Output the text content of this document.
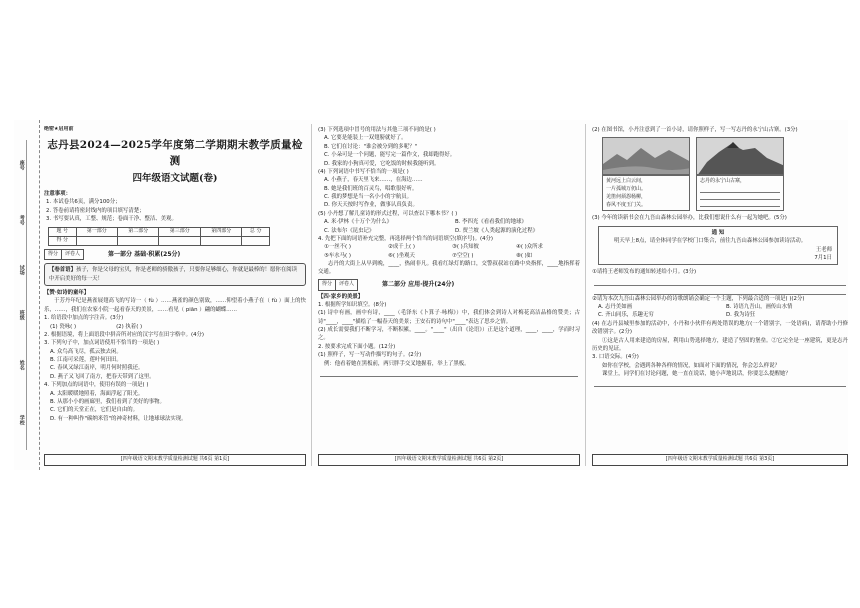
座号
考号
试场
班级
姓名
学校
绝密★启用前
志丹县2024—2025学年度第二学期期末教学质量检测
四年级语文试题(卷)
注意事项：

1. 本试卷共6页，满分100分；

2. 答卷前请将密封线内的项目填写清楚；

3. 书写要认真，工整、规范；卷面干净、整洁、美观。

题 号	第一部分	第二部分	第三部分	第四部分	总 分
得 分					
得分	评卷人	第一部分 基础·积累(25分)
【卷首语】孩子，你是父母的宝贝，你是老师的骄傲孩子，只要你足够细心，你就是最棒的！愿你在阅读中开启美好的每一天！
【赞·如诗的童年】

于芳丹年纪是燕雀展翅高飞的写诗一（ fù ）……燕雀的颜色别致，……仰望着小燕子在（ fù ）面上的快乐，……，我们在农家小院一起看春天的美景，……看见（ piān ）翩的蝴蝶……

1. 给语段中加点的字注音。(3分)

(1) 瓷咏( )	(2) 执着( )

2. 根据语境，将上面语段中拼音所对应的汉字写在田字格中。(4分)

3. 下列句子中，加点词语使用不恰当的一项是( )

A. 众鸟高飞尽，孤云独去闲。

B. 江南可采莲，莲叶何田田。

C. 春风又绿江南岸，明月何时照我还。

D. 燕子又飞回了南方，把春天带到了这里。

4. 下列加点的词语中，使用有误的一项是( )

A. 太阳暖暖地照着，海面浮起了阳光。

B. 从那小小的画廊里，我们看到了美好的事物。

C. 它们的天堂正在，它们是自由的。

D. 有一种叫作"碳纳米管"的神奇材料，让地球球法实现。

[四年级语文期末教学质量检测试题 共6页 第1页]

(3) 下列选项中冒号的用法与其他三项不同的是( )

A. 它要是能装上一双翅膀就好了。

B. 它们在讨论："谁会被分到的多呢？"

C. 小朵可是一个问题，能写完一篇作文，我却跑得好。

D. 我家的小狗真可爱，它吃饭的时候我能听到。

(4) 下列词语中书写不恰当的一项是( )

A. 小燕子，春天里飞来……，在海边……

B. 她是我们班的百灵鸟，唱歌很好听。

C. 我的梦想是当一名小小的宇航员。

D. 你天天按时写作业，做事认真负责。

(5) 小丹想了解儿童诗的形式过程，可以查以下哪本书？( )

A. 米·伊林《十万个为什么》	B. 李四光《看看我们的地球》
C. 法布尔《昆虫记》	D. 贾兰坡《人类起源的演化过程》

4. 先把下面的词语补充完整，再选择两个恰当的词语填空(填序号)。(4分)

①一丝不( )	②成千上( )	③( )兵知彼	④( )众所求
⑤车水马( )	⑥( )坐观天	⑦空空( )	⑧( )如

志丹的大街上从早到晚，____，热闹非凡。我看红绿灯的路口，交警叔叔站在路中央指挥，____地指挥着交通。

得分	评卷人	第二部分 应用·提升(24分)
【四·家乡的美景】

1. 根据所学知识填空。(8分)

(1) 诗中有画，画中有诗，____（毛泽东《卜算子·咏梅》）中，我们体会到诗人对梅花高洁品格的赞美；古诗"____，____"描绘了一幅春天的美景；王安石的诗句中"____"表达了思乡之情。

(2) 成长需要我们不断学习，不断积累，____。"____"（出自《论语》）正是这个道理，____，____，学而时习之。

2. 按要求完成下面小题。(12分)

(1) 照样子，写一写动作描写的句子。(2分)

例：他看着她在黑板前，两只胖手交叉地握着，举上了黑板。

[四年级语文期末教学质量检测试题 共6页 第2页]

(2) 在图书馆，小丹注意到了一首小诗，请你照样子，写一写志丹的永宁山古寨。(3分)

黄河远上白云间，
一片孤城万仞山。
羌笛何须怨杨柳，
春风不度玉门关。
志丹的永宁山古寨，

(3) 今年的读新书会在九吾山森林公园举办，比我们想说什么有一起为她吧。(5分)

通 知

明天早上8点，请全体同学在学校门口集合，前往九吾山森林公园参加读诗活动。

王老师
7月1日

①请将王老师发布的通知转述给小月。(3分)

②请为本次九吾山森林公园举办的诗歌朗诵会确定一个主题，下列最合适的一项是( )(2分)

A. 志丹美如画	B. 诗语九吾山，画传山水情
C. 齐山同乐，乐趣无穷	D. 我为诗狂

(4) 在志丹县城里参加的活动中，小丹和小伙伴有两处错误的地方(一个错别字，一处语病)，请帮助小丹修改错别字。(2分)

①这是古人用来建造的房屋，利用山势选择地方，建造了坚固的堡垒。②它完全是一座建筑，更是志丹历史的见证。

3. 口语交际。(4分)

如你在学校，会遇到各种各样的情况，如面对下面的情况，你会怎么样说？

课堂上，同学们在讨论问题，她一直在说话，她小声地说话，你要怎么提醒她？

[四年级语文期末教学质量检测试题 共6页 第3页]
